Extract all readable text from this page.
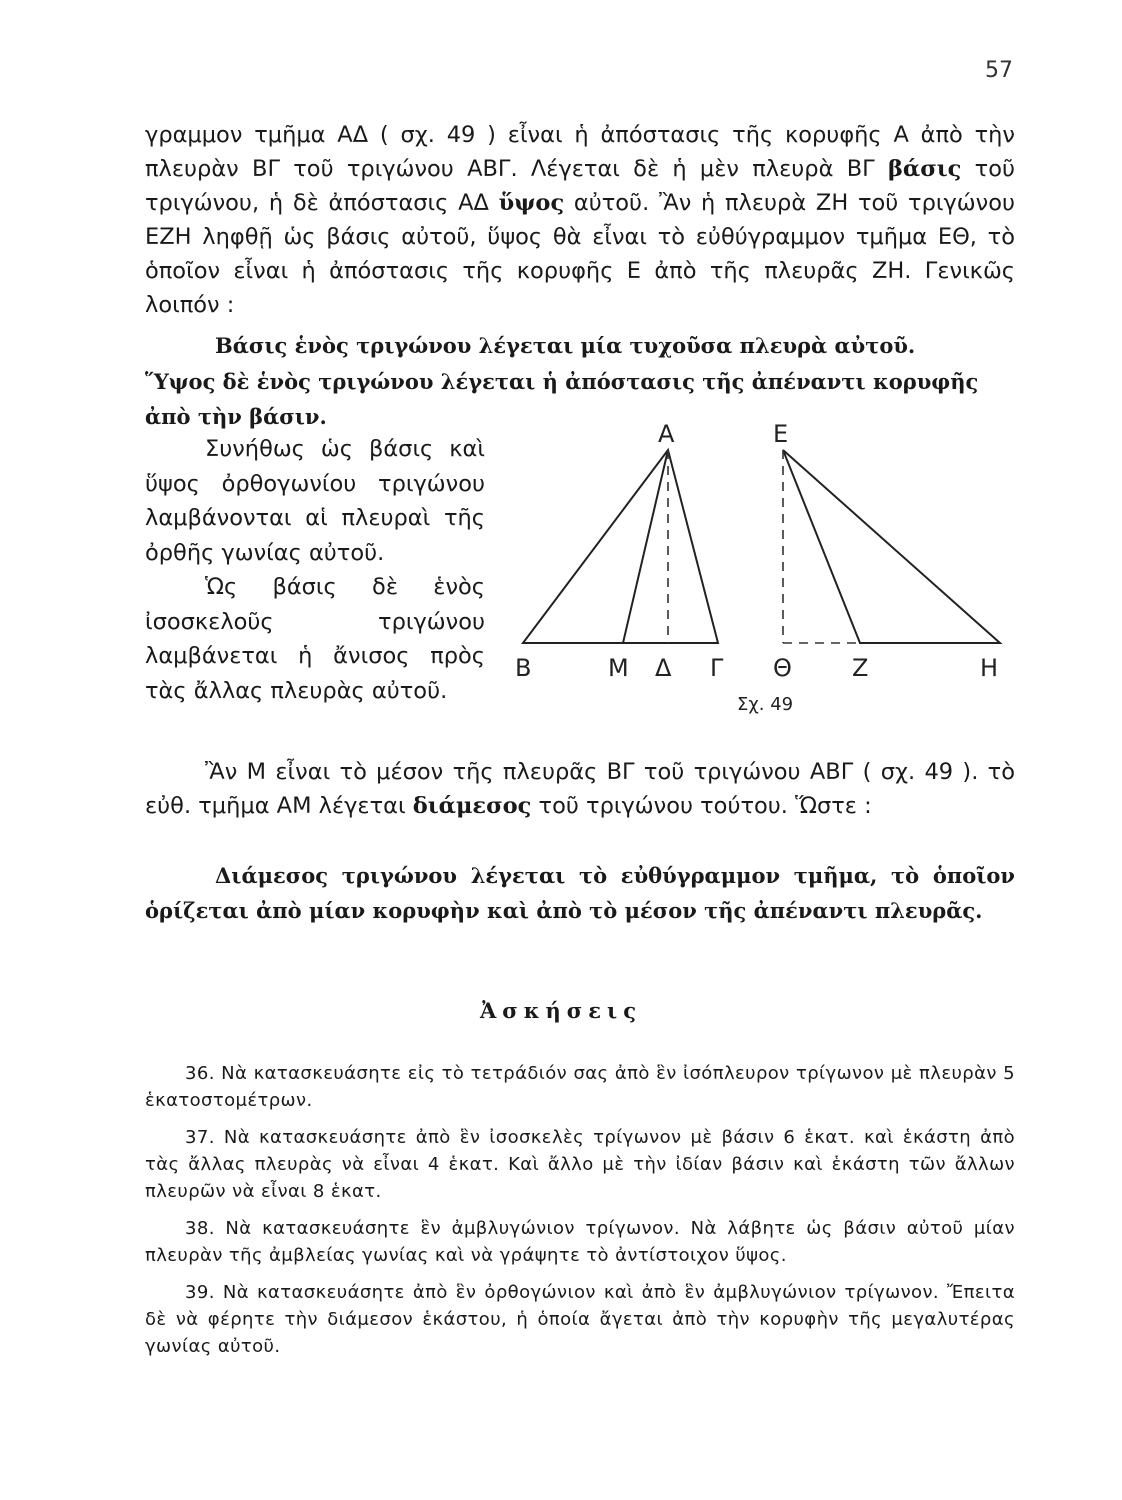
57
γραμμον τμῆμα ΑΔ ( σχ. 49 ) εἶναι ἡ ἀπόστασις τῆς κορυφῆς Α ἀπὸ τὴν πλευρὰν ΒΓ τοῦ τριγώνου ΑΒΓ. Λέγεται δὲ ἡ μὲν πλευρὰ ΒΓ βάσις τοῦ τριγώνου, ἡ δὲ ἀπόστασις ΑΔ ὕψος αὐτοῦ. Ἂν ἡ πλευρὰ ΖΗ τοῦ τριγώνου ΕΖΗ ληφθῇ ὡς βάσις αὐτοῦ, ὕψος θὰ εἶναι τὸ εὐθύγραμμον τμῆμα ΕΘ, τὸ ὁποῖον εἶναι ἡ ἀπόστασις τῆς κορυφῆς Ε ἀπὸ τῆς πλευρᾶς ΖΗ. Γενικῶς λοιπόν :
Βάσις ἑνὸς τριγώνου λέγεται μία τυχοῦσα πλευρὰ αὐτοῦ.
Ὕψος δὲ ἑνὸς τριγώνου λέγεται ἡ ἀπόστασις τῆς ἀπέναντι κορυφῆς ἀπὸ τὴν βάσιν.

Συνήθως ὡς βάσις καὶ ὕψος ὀρθογωνίου τριγώνου λαμβάνονται αἱ πλευραὶ τῆς ὀρθῆς γωνίας αὐτοῦ.

Ὡς βάσις δὲ ἑνὸς ἰσοσκελοῦς τριγώνου λαμβάνεται ἡ ἄνισος πρὸς τὰς ἄλλας πλευρὰς αὐτοῦ.

Α	Ε
Β	Μ Δ Γ Θ	Ζ	Η
Σχ. 49
Ἂν Μ εἶναι τὸ μέσον τῆς πλευρᾶς ΒΓ τοῦ τριγώνου ΑΒΓ ( σχ. 49 ). τὸ εὐθ. τμῆμα ΑΜ λέγεται διάμεσος τοῦ τριγώνου τούτου. Ὥστε :
Διάμεσος τριγώνου λέγεται τὸ εὐθύγραμμον τμῆμα, τὸ ὁποῖον ὁρίζεται ἀπὸ μίαν κορυφὴν καὶ ἀπὸ τὸ μέσον τῆς ἀπέναντι πλευρᾶς.
Ἀσκήσεις

36. Νὰ κατασκευάσητε εἰς τὸ τετράδιόν σας ἀπὸ ἓν ἰσόπλευρον τρίγωνον μὲ πλευρὰν 5 ἑκατοστομέτρων.

37. Νὰ κατασκευάσητε ἀπὸ ἓν ἰσοσκελὲς τρίγωνον μὲ βάσιν 6 ἑκατ. καὶ ἑκάστη ἀπὸ τὰς ἄλλας πλευρὰς νὰ εἶναι 4 ἑκατ. Καὶ ἄλλο μὲ τὴν ἰδίαν βάσιν καὶ ἑκάστη τῶν ἄλλων πλευρῶν νὰ εἶναι 8 ἑκατ.

38. Νὰ κατασκευάσητε ἓν ἀμβλυγώνιον τρίγωνον. Νὰ λάβητε ὡς βάσιν αὐτοῦ μίαν πλευρὰν τῆς ἀμβλείας γωνίας καὶ νὰ γράψητε τὸ ἀντίστοιχον ὕψος.

39. Νὰ κατασκευάσητε ἀπὸ ἓν ὀρθογώνιον καὶ ἀπὸ ἓν ἀμβλυγώνιον τρίγωνον. Ἔπειτα δὲ νὰ φέρητε τὴν διάμεσον ἑκάστου, ἡ ὁποία ἄγεται ἀπὸ τὴν κορυφὴν τῆς μεγαλυτέρας γωνίας αὐτοῦ.
